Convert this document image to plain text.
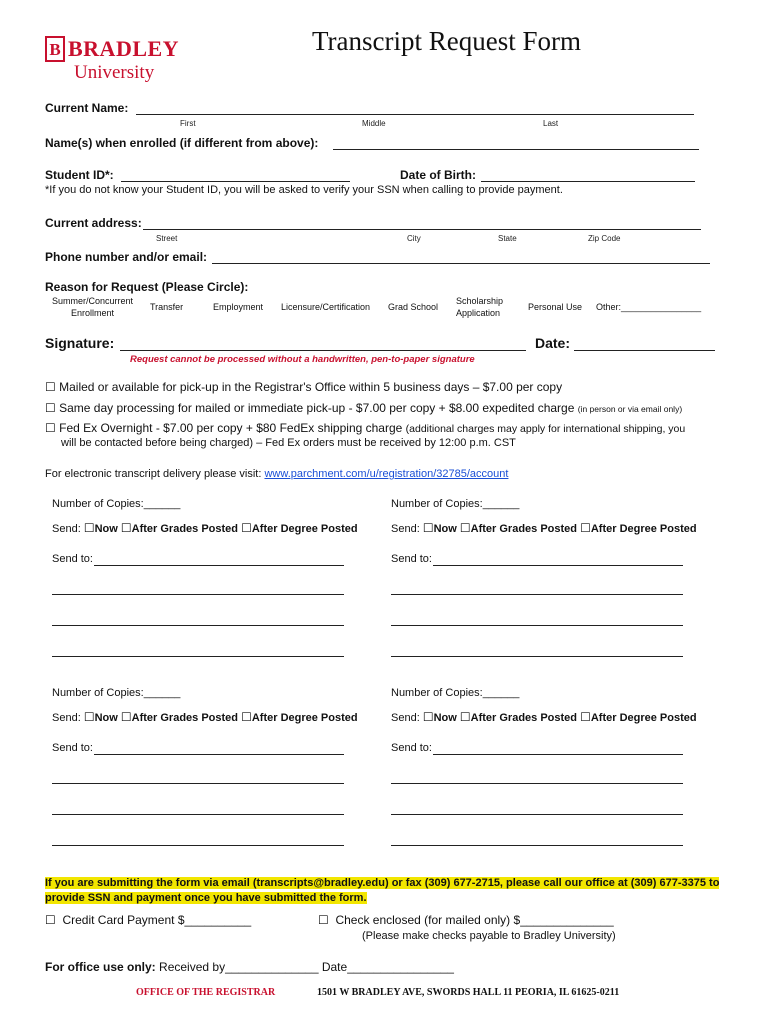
B BRADLEY
University
Transcript Request Form
Current Name:
First	Middle	Last
Name(s) when enrolled (if different from above):
Student ID*:	Date of Birth:
*If you do not know your Student ID, you will be asked to verify your SSN when calling to provide payment.
Current address:
Street	City	State	Zip Code
Phone number and/or email:
Reason for Request (Please Circle):
Summer/Concurrent
Enrollment
Transfer	Employment Licensure/Certification Grad School
Scholarship
Application
Personal Use Other:________________
Signature:	Date:
Request cannot be processed without a handwritten, pen-to-paper signature
☐ Mailed or available for pick-up in the Registrar's Office within 5 business days – $7.00 per copy
☐ Same day processing for mailed or immediate pick-up - $7.00 per copy + $8.00 expedited charge (in person or via email only)
☐ Fed Ex Overnight - $7.00 per copy + $80 FedEx shipping charge (additional charges may apply for international shipping, you
will be contacted before being charged) – Fed Ex orders must be received by 12:00 p.m. CST
For electronic transcript delivery please visit: www.parchment.com/u/registration/32785/account
Number of Copies:______
Send: ☐Now ☐After Grades Posted ☐After Degree Posted
Send to:
Number of Copies:______
Send: ☐Now ☐After Grades Posted ☐After Degree Posted
Send to:
Number of Copies:______
Send: ☐Now ☐After Grades Posted ☐After Degree Posted
Send to:
Number of Copies:______
Send: ☐Now ☐After Grades Posted ☐After Degree Posted
Send to:
If you are submitting the form via email (transcripts@bradley.edu) or fax (309) 677-2715, please call our office at (309) 677-3375 to provide SSN and payment once you have submitted the form.
☐ Credit Card Payment $__________	☐ Check enclosed (for mailed only) $______________
(Please make checks payable to Bradley University)
For office use only: Received by______________ Date________________
OFFICE OF THE REGISTRAR	1501 W BRADLEY AVE, SWORDS HALL 11 PEORIA, IL 61625-0211
